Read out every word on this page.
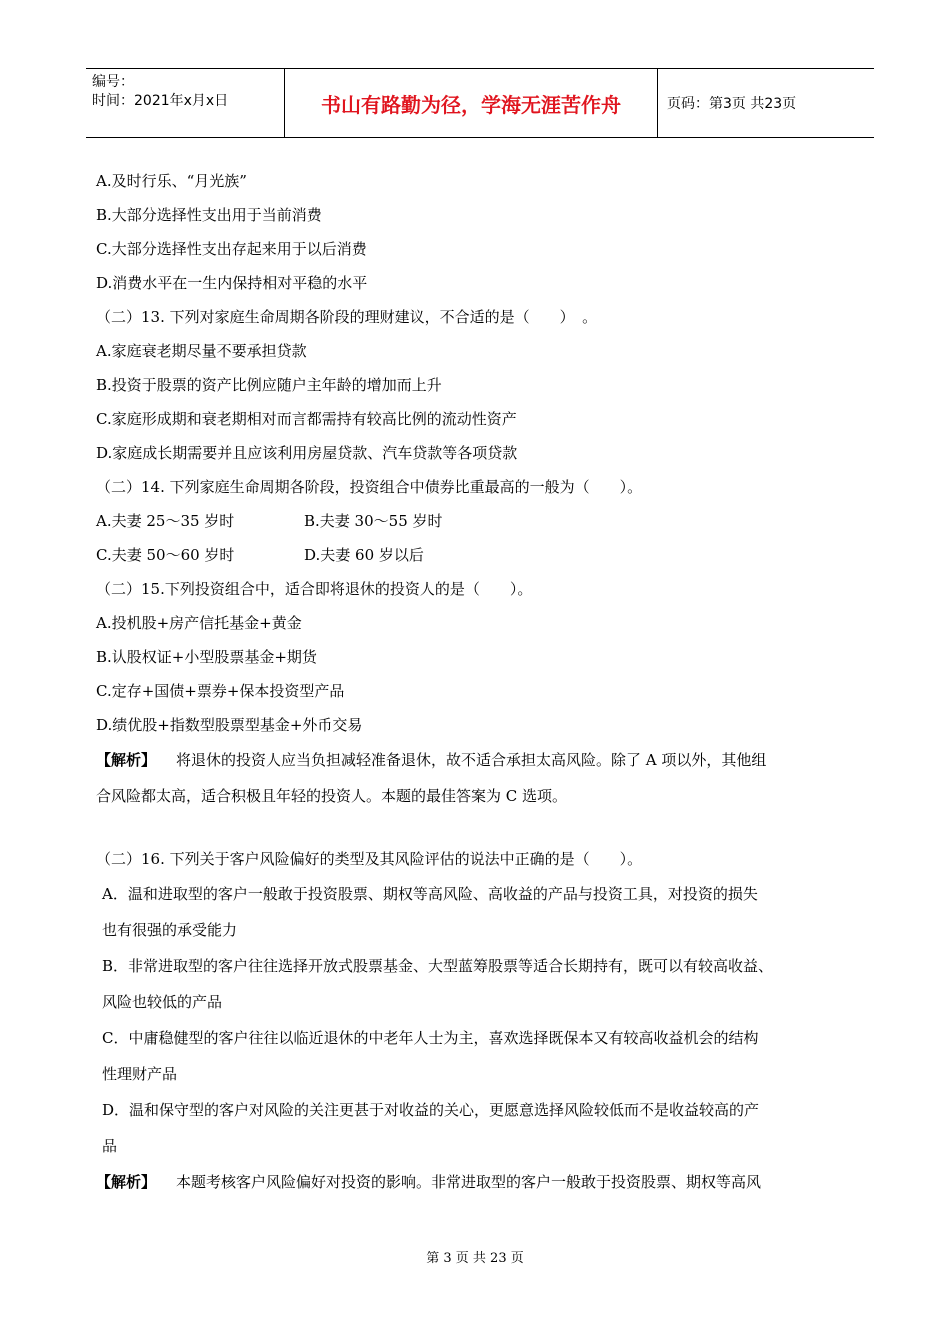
编号：
时间：2021年x月x日	书山有路勤为径，学海无涯苦作舟	页码：第3页 共23页
A.及时行乐、“月光族”
B.大部分选择性支出用于当前消费
C.大部分选择性支出存起来用于以后消费
D.消费水平在一生内保持相对平稳的水平
（二）13. 下列对家庭生命周期各阶段的理财建议，不合适的是（　　）　。
A.家庭衰老期尽量不要承担贷款
B.投资于股票的资产比例应随户主年龄的增加而上升
C.家庭形成期和衰老期相对而言都需持有较高比例的流动性资产
D.家庭成长期需要并且应该利用房屋贷款、汽车贷款等各项贷款
（二）14. 下列家庭生命周期各阶段，投资组合中债券比重最高的一般为（　　）。
A.夫妻 25～35 岁时	B.夫妻 30～55 岁时
C.夫妻 50～60 岁时	D.夫妻 60 岁以后
（二）15.下列投资组合中，适合即将退休的投资人的是（　　）。
A.投机股+房产信托基金+黄金
B.认股权证+小型股票基金+期货
C.定存+国债+票券+保本投资型产品
D.绩优股+指数型股票型基金+外币交易
【解析】 将退休的投资人应当负担减轻准备退休，故不适合承担太高风险。除了 A 项以外，其他组
合风险都太高，适合积极且年轻的投资人。本题的最佳答案为 C 选项。
（二）16. 下列关于客户风险偏好的类型及其风险评估的说法中正确的是（　　）。
A．温和进取型的客户一般敢于投资股票、期权等高风险、高收益的产品与投资工具，对投资的损失
也有很强的承受能力
B．非常进取型的客户往往选择开放式股票基金、大型蓝筹股票等适合长期持有，既可以有较高收益、
风险也较低的产品
C．中庸稳健型的客户往往以临近退休的中老年人士为主，喜欢选择既保本又有较高收益机会的结构
性理财产品
D．温和保守型的客户对风险的关注更甚于对收益的关心，更愿意选择风险较低而不是收益较高的产
品
【解析】 本题考核客户风险偏好对投资的影响。非常进取型的客户一般敢于投资股票、期权等高风
第 3 页 共 23 页
